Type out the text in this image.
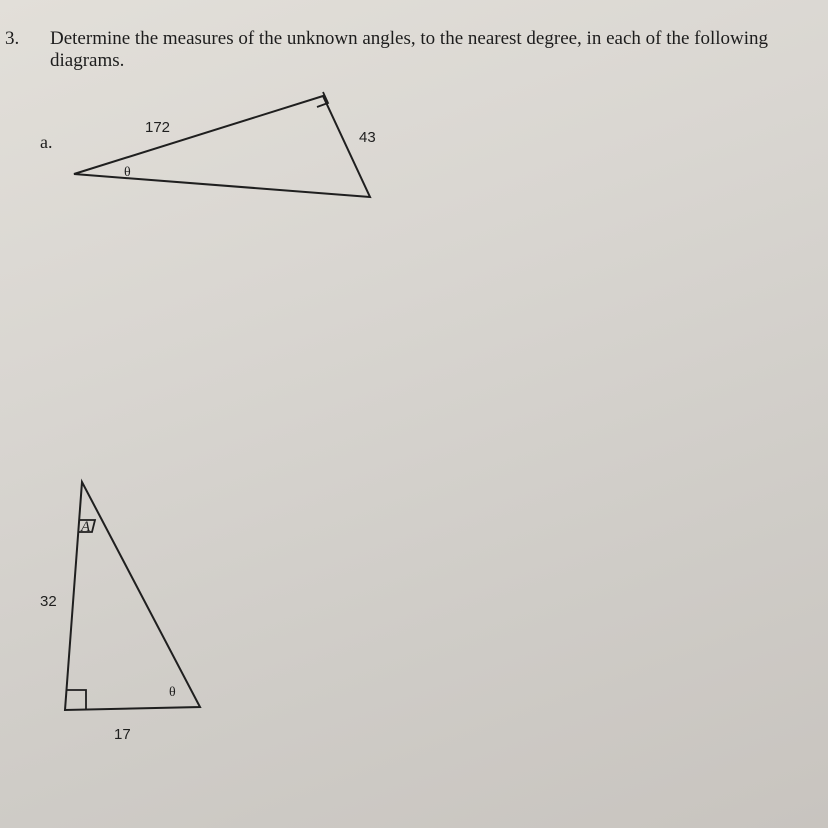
3. Determine the measures of the unknown angles, to the nearest degree, in each of the following diagrams.
a.
172
43
θ
A
32
17
θ
